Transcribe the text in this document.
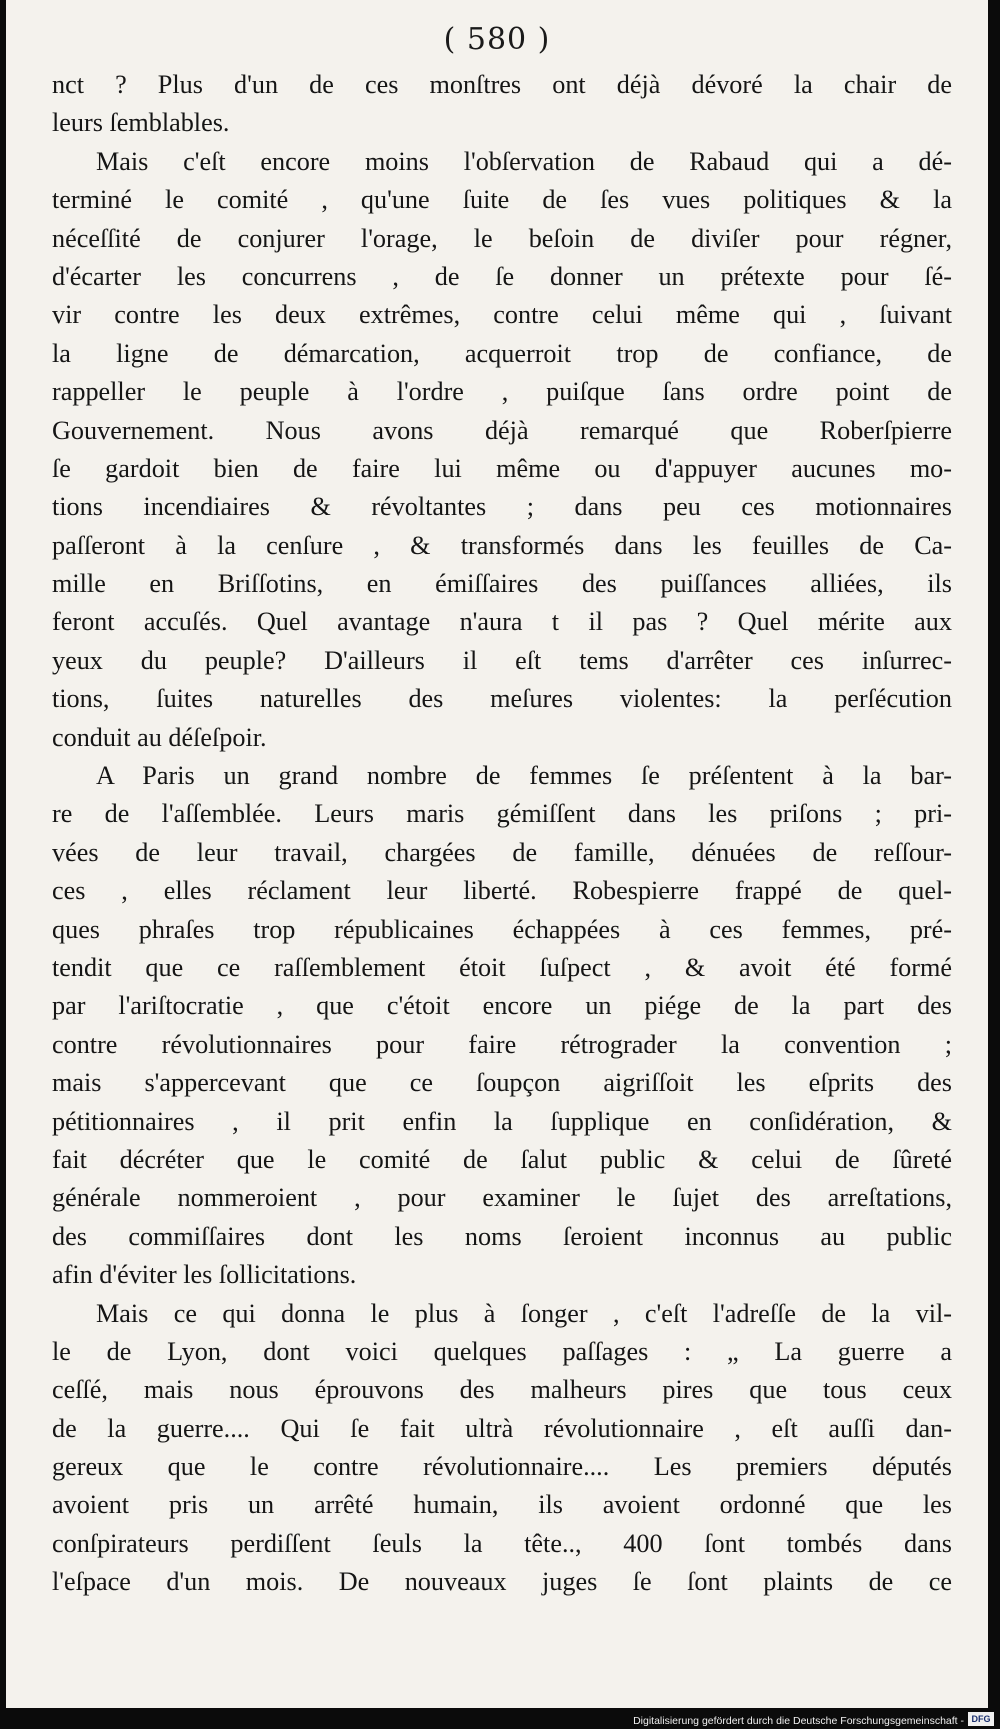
( 580 )
nct ? Plus d'un de ces monſtres ont déjà dévoré la chair de
leurs ſemblables.
Mais c'eſt encore moins l'obſervation de Rabaud qui a dé-
terminé le comité , qu'une ſuite de ſes vues politiques & la
néceſſité de conjurer l'orage, le beſoin de diviſer pour régner,
d'écarter les concurrens , de ſe donner un prétexte pour ſé-
vir contre les deux extrêmes, contre celui même qui , ſuivant
la ligne de démarcation, acquerroit trop de confiance, de
rappeller le peuple à l'ordre , puiſque ſans ordre point de
Gouvernement. Nous avons déjà remarqué que Roberſpierre
ſe gardoit bien de faire lui même ou d'appuyer aucunes mo-
tions incendiaires & révoltantes ; dans peu ces motionnaires
paſſeront à la cenſure , & transformés dans les feuilles de Ca-
mille en Briſſotins, en émiſſaires des puiſſances alliées, ils
feront accuſés. Quel avantage n'aura t il pas ? Quel mérite aux
yeux du peuple? D'ailleurs il eſt tems d'arrêter ces inſurrec-
tions, ſuites naturelles des meſures violentes: la perſécution
conduit au déſeſpoir.
A Paris un grand nombre de femmes ſe préſentent à la bar-
re de l'aſſemblée. Leurs maris gémiſſent dans les priſons ; pri-
vées de leur travail, chargées de famille, dénuées de reſſour-
ces , elles réclament leur liberté. Robespierre frappé de quel-
ques phraſes trop républicaines échappées à ces femmes, pré-
tendit que ce raſſemblement étoit ſuſpect , & avoit été formé
par l'ariſtocratie , que c'étoit encore un piége de la part des
contre révolutionnaires pour faire rétrograder la convention ;
mais s'appercevant que ce ſoupçon aigriſſoit les eſprits des
pétitionnaires , il prit enfin la ſupplique en conſidération, &
fait décréter que le comité de ſalut public & celui de ſûreté
générale nommeroient , pour examiner le ſujet des arreſtations,
des commiſſaires dont les noms ſeroient inconnus au public
afin d'éviter les ſollicitations.
Mais ce qui donna le plus à ſonger , c'eſt l'adreſſe de la vil-
le de Lyon, dont voici quelques paſſages : „ La guerre a
ceſſé, mais nous éprouvons des malheurs pires que tous ceux
de la guerre.... Qui ſe fait ultrà révolutionnaire , eſt auſſi dan-
gereux que le contre révolutionnaire.... Les premiers députés
avoient pris un arrêté humain, ils avoient ordonné que les
conſpirateurs perdiſſent ſeuls la tête.., 400 ſont tombés dans
l'eſpace d'un mois. De nouveaux juges ſe ſont plaints de ce
Digitalisierung gefördert durch die Deutsche Forschungsgemeinschaft - DFG
